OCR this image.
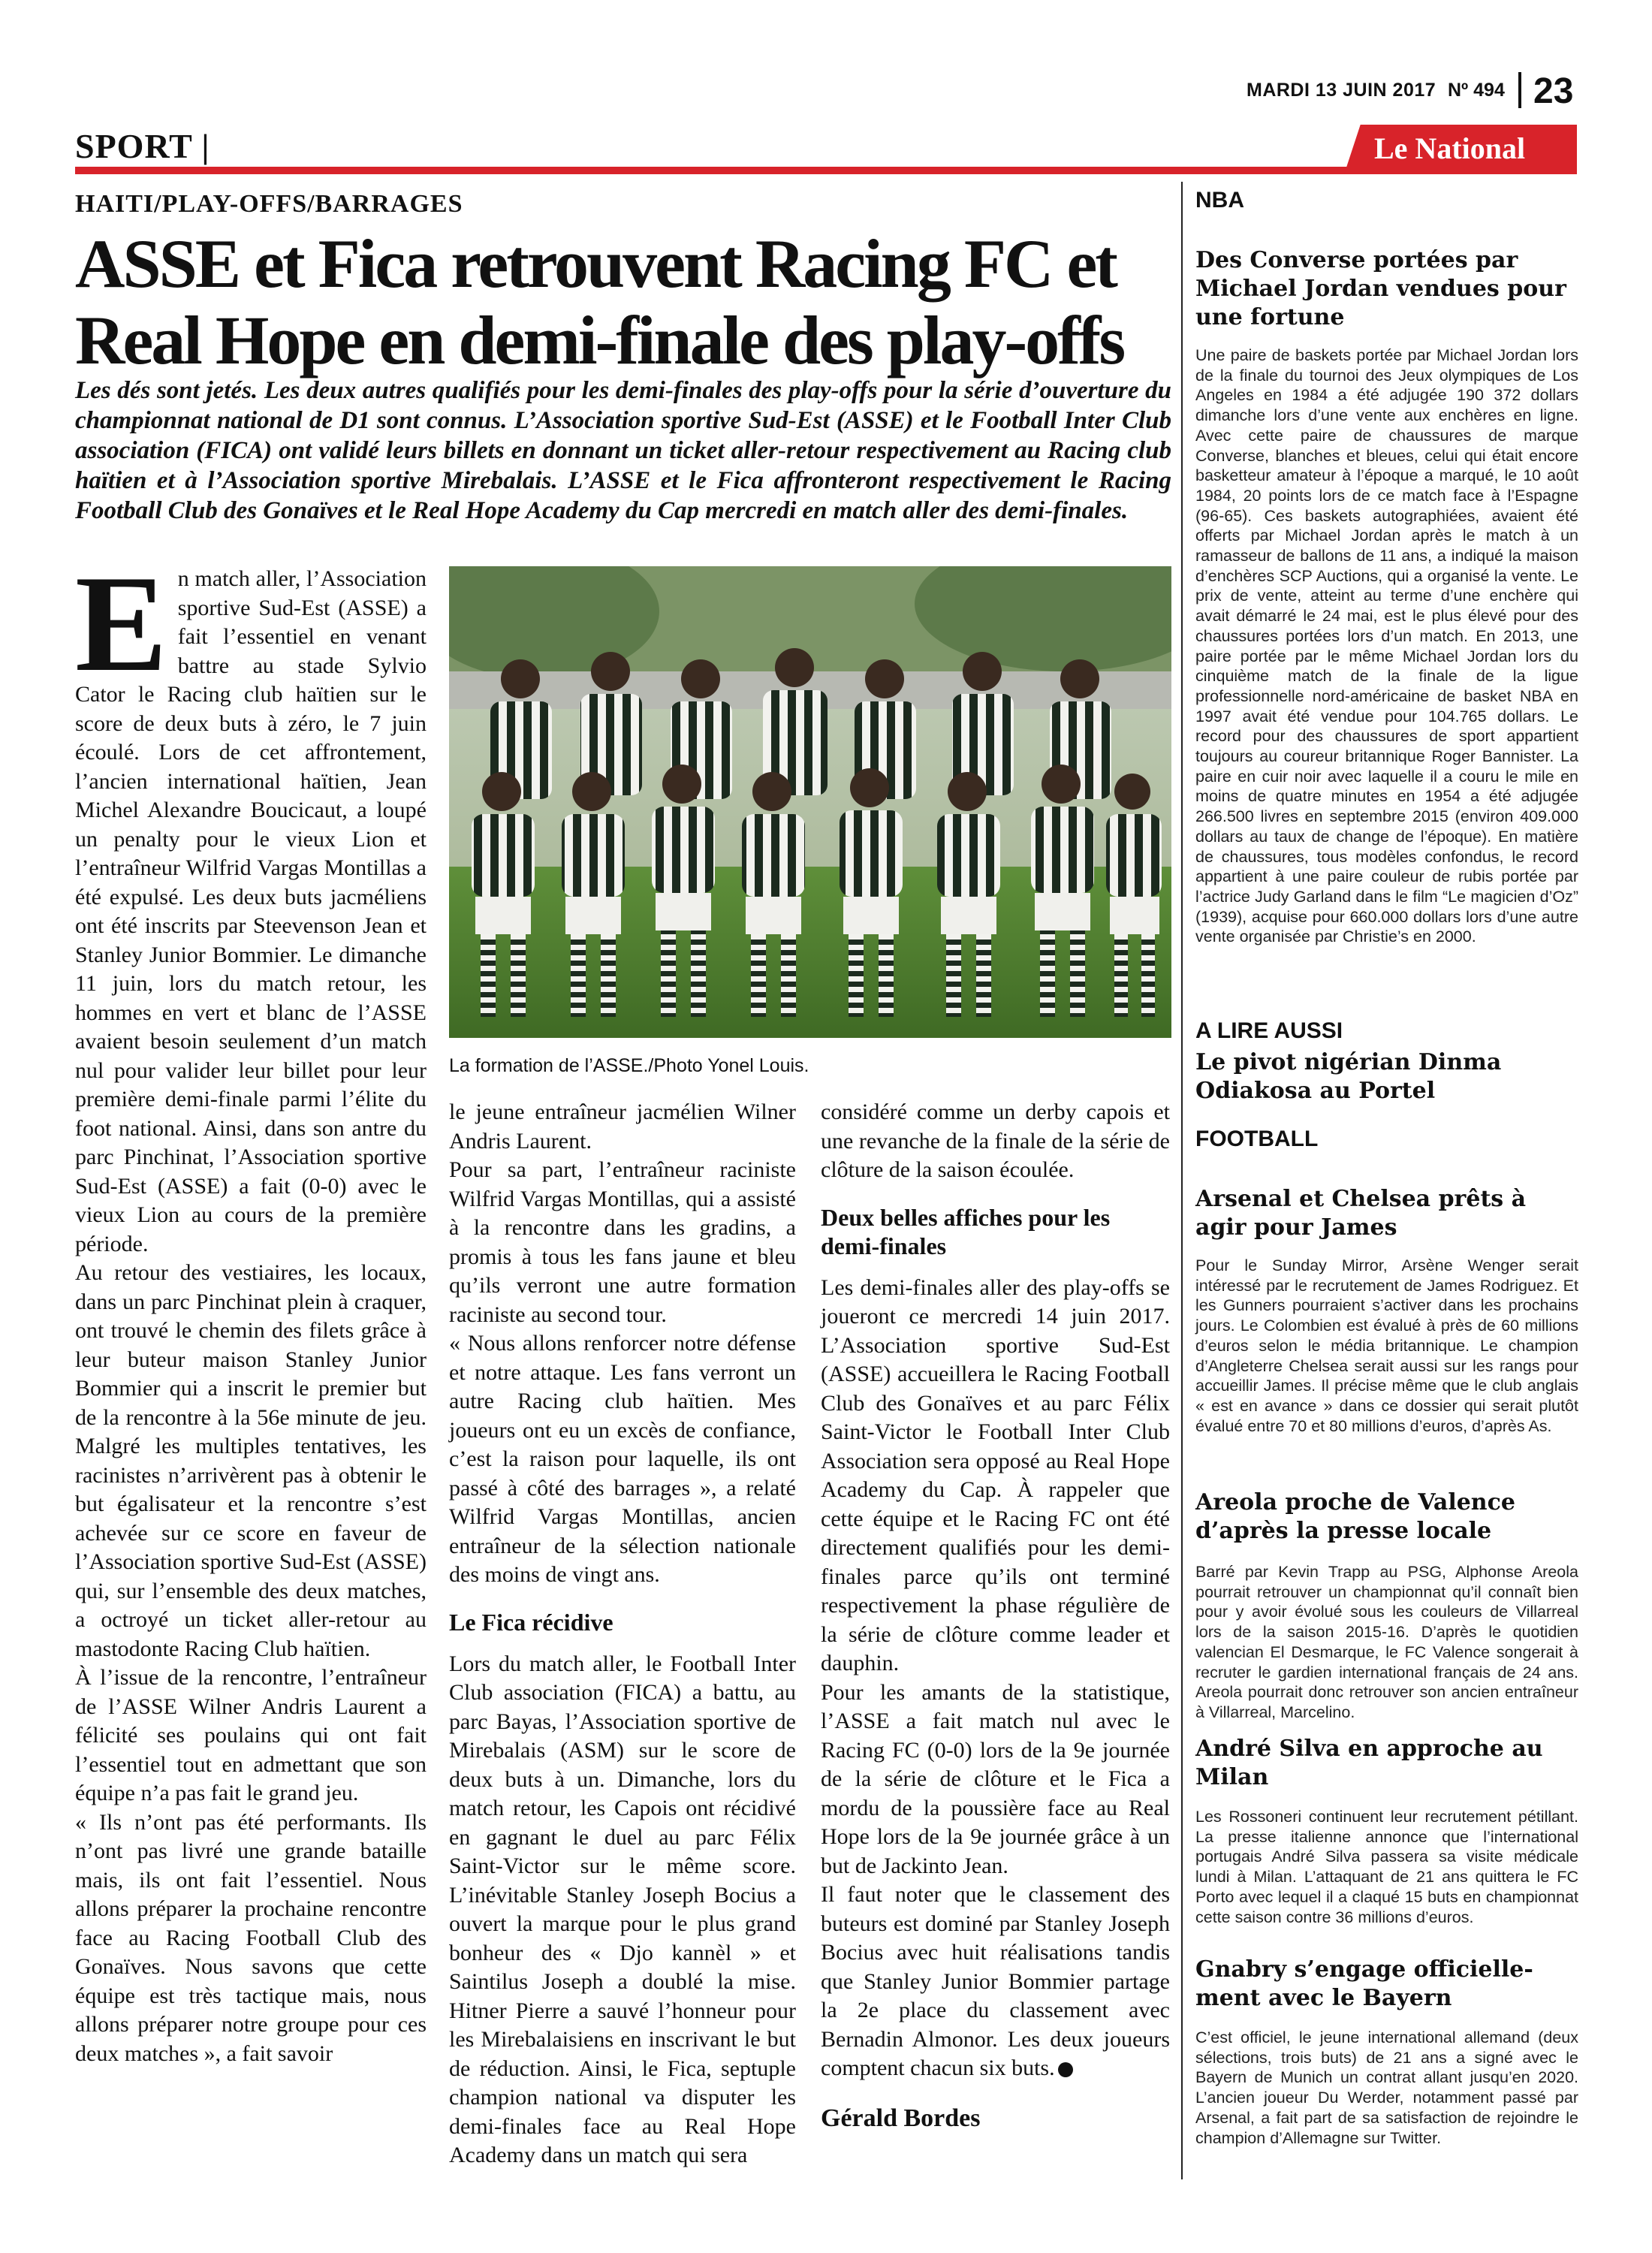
MARDI 13 JUIN 2017 Nº 494 23
SPORT |	Le National
HAITI/PLAY-OFFS/BARRAGES
ASSE et Fica retrouvent Racing FC et Real Hope en demi-finale des play-offs
Les dés sont jetés. Les deux autres qualifiés pour les demi-finales des play-offs pour la série d’ouverture du championnat national de D1 sont connus. L’Association sportive Sud-Est (ASSE) et le Football Inter Club association (FICA) ont validé leurs billets en donnant un ticket aller-retour respectivement au Racing club haïtien et à l’Association sportive Mirebalais. L’ASSE et le Fica affronteront respectivement le Racing Football Club des Gonaïves et le Real Hope Academy du Cap mercredi en match aller des demi-finales.
E n match aller, l’Association sportive Sud-Est (ASSE) a fait l’essentiel en venant battre au stade Sylvio Cator le Racing club haïtien sur le score de deux buts à zéro, le 7 juin écoulé. Lors de cet affrontement, l’ancien international haïtien, Jean Michel Alexandre Boucicaut, a loupé un penalty pour le vieux Lion et l’entraîneur Wilfrid Vargas Montillas a été expulsé. Les deux buts jacméliens ont été inscrits par Steevenson Jean et Stanley Junior Bommier. Le dimanche 11 juin, lors du match retour, les hommes en vert et blanc de l’ASSE avaient besoin seulement d’un match nul pour valider leur billet pour leur première demi-finale parmi l’élite du foot national. Ainsi, dans son antre du parc Pinchinat, l’Association sportive Sud-Est (ASSE) a fait (0-0) avec le vieux Lion au cours de la première période.

Au retour des vestiaires, les locaux, dans un parc Pinchinat plein à craquer, ont trouvé le chemin des filets grâce à leur buteur maison Stanley Junior Bommier qui a inscrit le premier but de la rencontre à la 56e minute de jeu. Malgré les multiples tentatives, les racinistes n’arrivèrent pas à obtenir le but égalisateur et la rencontre s’est achevée sur ce score en faveur de l’Association sportive Sud-Est (ASSE) qui, sur l’ensemble des deux matches, a octroyé un ticket aller-retour au mastodonte Racing Club haïtien.

À l’issue de la rencontre, l’entraîneur de l’ASSE Wilner Andris Laurent a félicité ses poulains qui ont fait l’essentiel tout en admettant que son équipe n’a pas fait le grand jeu.

« Ils n’ont pas été performants. Ils n’ont pas livré une grande bataille mais, ils ont fait l’essentiel. Nous allons préparer la prochaine rencontre face au Racing Football Club des Gonaïves. Nous savons que cette équipe est très tactique mais, nous allons préparer notre groupe pour ces deux matches », a fait savoir

La formation de l’ASSE./Photo Yonel Louis.

le jeune entraîneur jacmélien Wilner Andris Laurent.

Pour sa part, l’entraîneur raciniste Wilfrid Vargas Montillas, qui a assisté à la rencontre dans les gradins, a promis à tous les fans jaune et bleu qu’ils verront une autre formation raciniste au second tour.

« Nous allons renforcer notre défense et notre attaque. Les fans verront un autre Racing club haïtien. Mes joueurs ont eu un excès de confiance, c’est la raison pour laquelle, ils ont passé à côté des barrages », a relaté Wilfrid Vargas Montillas, ancien entraîneur de la sélection nationale des moins de vingt ans.

Le Fica récidive

Lors du match aller, le Football Inter Club association (FICA) a battu, au parc Bayas, l’Association sportive de Mirebalais (ASM) sur le score de deux buts à un. Dimanche, lors du match retour, les Capois ont récidivé en gagnant le duel au parc Félix Saint-Victor sur le même score. L’inévitable Stanley Joseph Bocius a ouvert la marque pour le plus grand bonheur des « Djo kannèl » et Saintilus Joseph a doublé la mise. Hitner Pierre a sauvé l’honneur pour les Mirebalaisiens en inscrivant le but de réduction. Ainsi, le Fica, septuple champion national va disputer les demi-finales face au Real Hope Academy dans un match qui sera

considéré comme un derby capois et une revanche de la finale de la série de clôture de la saison écoulée.

Deux belles affiches pour les demi-finales

Les demi-finales aller des play-offs se joueront ce mercredi 14 juin 2017. L’Association sportive Sud-Est (ASSE) accueillera le Racing Football Club des Gonaïves et au parc Félix Saint-Victor le Football Inter Club Association sera opposé au Real Hope Academy du Cap. À rappeler que cette équipe et le Racing FC ont été directement qualifiés pour les demi-finales parce qu’ils ont terminé respectivement la phase régulière de la série de clôture comme leader et dauphin.

Pour les amants de la statistique, l’ASSE a fait match nul avec le Racing FC (0-0) lors de la 9e journée de la série de clôture et le Fica a mordu de la poussière face au Real Hope lors de la 9e journée grâce à un but de Jackinto Jean.

Il faut noter que le classement des buteurs est dominé par Stanley Joseph Bocius avec huit réalisations tandis que Stanley Junior Bommier partage la 2e place du classement avec Bernadin Almonor. Les deux joueurs comptent chacun six buts.

Gérald Bordes

NBA
Des Converse portées par Michael Jordan vendues pour une fortune
Une paire de baskets portée par Michael Jordan lors de la finale du tournoi des Jeux olympiques de Los Angeles en 1984 a été adjugée 190 372 dollars dimanche lors d’une vente aux enchères en ligne. Avec cette paire de chaussures de marque Converse, blanches et bleues, celui qui était encore basketteur amateur à l’époque a marqué, le 10 août 1984, 20 points lors de ce match face à l’Espagne (96-65). Ces baskets autographiées, avaient été offerts par Michael Jordan après le match à un ramasseur de ballons de 11 ans, a indiqué la maison d’enchères SCP Auctions, qui a organisé la vente. Le prix de vente, atteint au terme d’une enchère qui avait démarré le 24 mai, est le plus élevé pour des chaussures portées lors d’un match. En 2013, une paire portée par le même Michael Jordan lors du cinquième match de la finale de la ligue professionnelle nord-américaine de basket NBA en 1997 avait été vendue pour 104.765 dollars. Le record pour des chaussures de sport appartient toujours au coureur britannique Roger Bannister. La paire en cuir noir avec laquelle il a couru le mile en moins de quatre minutes en 1954 a été adjugée 266.500 livres en septembre 2015 (environ 409.000 dollars au taux de change de l’époque). En matière de chaussures, tous modèles confondus, le record appartient à une paire couleur de rubis portée par l’actrice Judy Garland dans le film “Le magicien d’Oz” (1939), acquise pour 660.000 dollars lors d’une autre vente organisée par Christie’s en 2000.
A LIRE AUSSI
Le pivot nigérian Dinma Odiakosa au Portel
FOOTBALL
Arsenal et Chelsea prêts à agir pour James
Pour le Sunday Mirror, Arsène Wenger serait intéressé par le recrutement de James Rodriguez. Et les Gunners pourraient s’activer dans les prochains jours. Le Colombien est évalué à près de 60 millions d’euros selon le média britannique. Le champion d’Angleterre Chelsea serait aussi sur les rangs pour accueillir James. Il précise même que le club anglais « est en avance » dans ce dossier qui serait plutôt évalué entre 70 et 80 millions d’euros, d’après As.
Areola proche de Valence d’après la presse locale
Barré par Kevin Trapp au PSG, Alphonse Areola pourrait retrouver un championnat qu’il connaît bien pour y avoir évolué sous les couleurs de Villarreal lors de la saison 2015-16. D’après le quotidien valencian El Desmarque, le FC Valence songerait à recruter le gardien international français de 24 ans. Areola pourrait donc retrouver son ancien entraîneur à Villarreal, Marcelino.
André Silva en approche au Milan
Les Rossoneri continuent leur recrutement pétillant. La presse italienne annonce que l’international portugais André Silva passera sa visite médicale lundi à Milan. L’attaquant de 21 ans quittera le FC Porto avec lequel il a claqué 15 buts en championnat cette saison contre 36 millions d’euros.
Gnabry s’engage officielle-ment avec le Bayern
C’est officiel, le jeune international allemand (deux sélections, trois buts) de 21 ans a signé avec le Bayern de Munich un contrat allant jusqu’en 2020. L’ancien joueur Du Werder, notamment passé par Arsenal, a fait part de sa satisfaction de rejoindre le champion d’Allemagne sur Twitter.
